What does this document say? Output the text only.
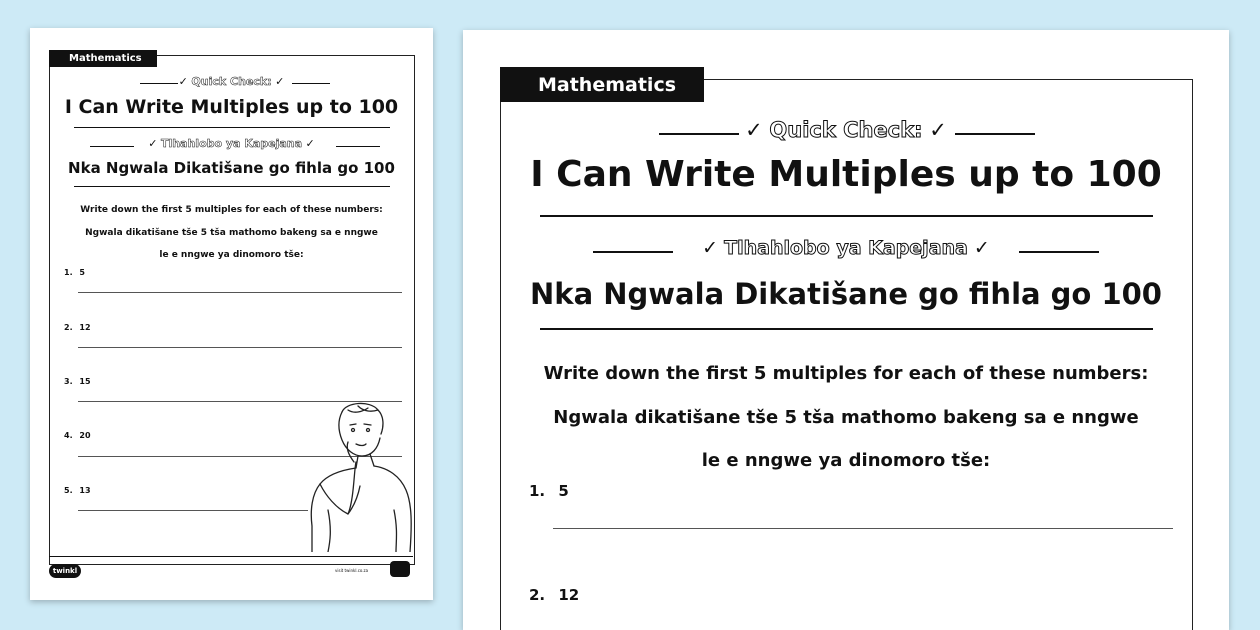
Mathematics
✓ Quick Check: ✓
I Can Write Multiples up to 100
✓ Tlhahlobo ya Kapejana ✓
Nka Ngwala Dikatišane go fihla go 100
Write down the first 5 multiples for each of these numbers:
Ngwala dikatišane tše 5 tša mathomo bakeng sa e nngwe
le e nngwe ya dinomoro tše:
1. 5
2. 12
3. 15
4. 20
5. 13
twinkl	visit twinkl.co.za
Mathematics
✓ Quick Check: ✓
I Can Write Multiples up to 100
✓ Tlhahlobo ya Kapejana ✓
Nka Ngwala Dikatišane go fihla go 100
Write down the first 5 multiples for each of these numbers:
Ngwala dikatišane tše 5 tša mathomo bakeng sa e nngwe
le e nngwe ya dinomoro tše:
1. 5
2. 12
